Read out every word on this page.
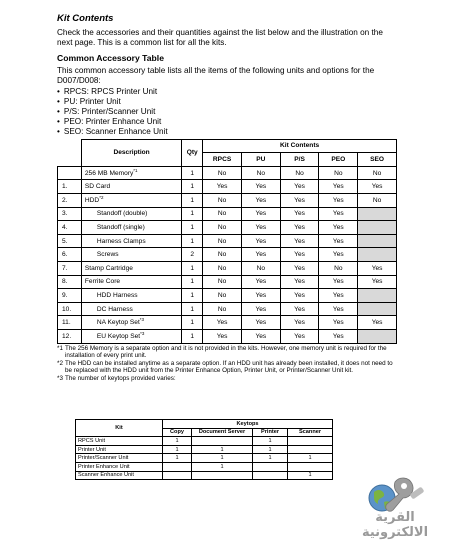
Kit Contents

Check the accessories and their quantities against the list below and the illustration on the next page. This is a common list for all the kits.

Common Accessory Table

This common accessory table lists all the items of the following units and options for the D007/D008:

• RPCS: RPCS Printer Unit
• PU: Printer Unit
• P/S: Printer/Scanner Unit
• PEO: Printer Enhance Unit
• SEO: Scanner Enhance Unit
	Description	Qty	Kit Contents				
			RPCS	PU	P/S	PEO	SEO
	256 MB Memory$^{*1}$	1	No	No	No	No	No
1.	SD Card	1	Yes	Yes	Yes	Yes	Yes
2.	HDD$^{*2}$	1	No	Yes	Yes	Yes	No
3.	Standoff (double)	1	No	Yes	Yes	Yes	
4.	Standoff (single)	1	No	Yes	Yes	Yes	
5.	Harness Clamps	1	No	Yes	Yes	Yes	
6.	Screws	2	No	Yes	Yes	Yes	
7.	Stamp Cartridge	1	No	No	Yes	No	Yes
8.	Ferrite Core	1	No	Yes	Yes	Yes	Yes
9.	HDD Harness	1	No	Yes	Yes	Yes	
10.	DC Harness	1	No	Yes	Yes	Yes	
11.	NA Keytop Set$^{*3}$	1	Yes	Yes	Yes	Yes	Yes
12.	EU Keytop Set$^{*3}$	1	Yes	Yes	Yes	Yes	
*1 The 256 Memory is a separate option and it is not provided in the kits. However, one memory unit is required for the installation of every print unit.
*2 The HDD can be installed anytime as a separate option. If an HDD unit has already been installed, it does not need to be replaced with the HDD unit from the Printer Enhance Option, Printer Unit, or Printer/Scanner Unit kit.
*3 The number of keytops provided varies:
Kit	Keytops			
	Copy	Document Server	Printer	Scanner
RPCS Unit	1		1	
Printer Unit	1	1	1	
Printer/Scanner Unit	1	1	1	1
Printer Enhance Unit		1		
Scanner Enhance Unit				1
القرية الالكترونية
